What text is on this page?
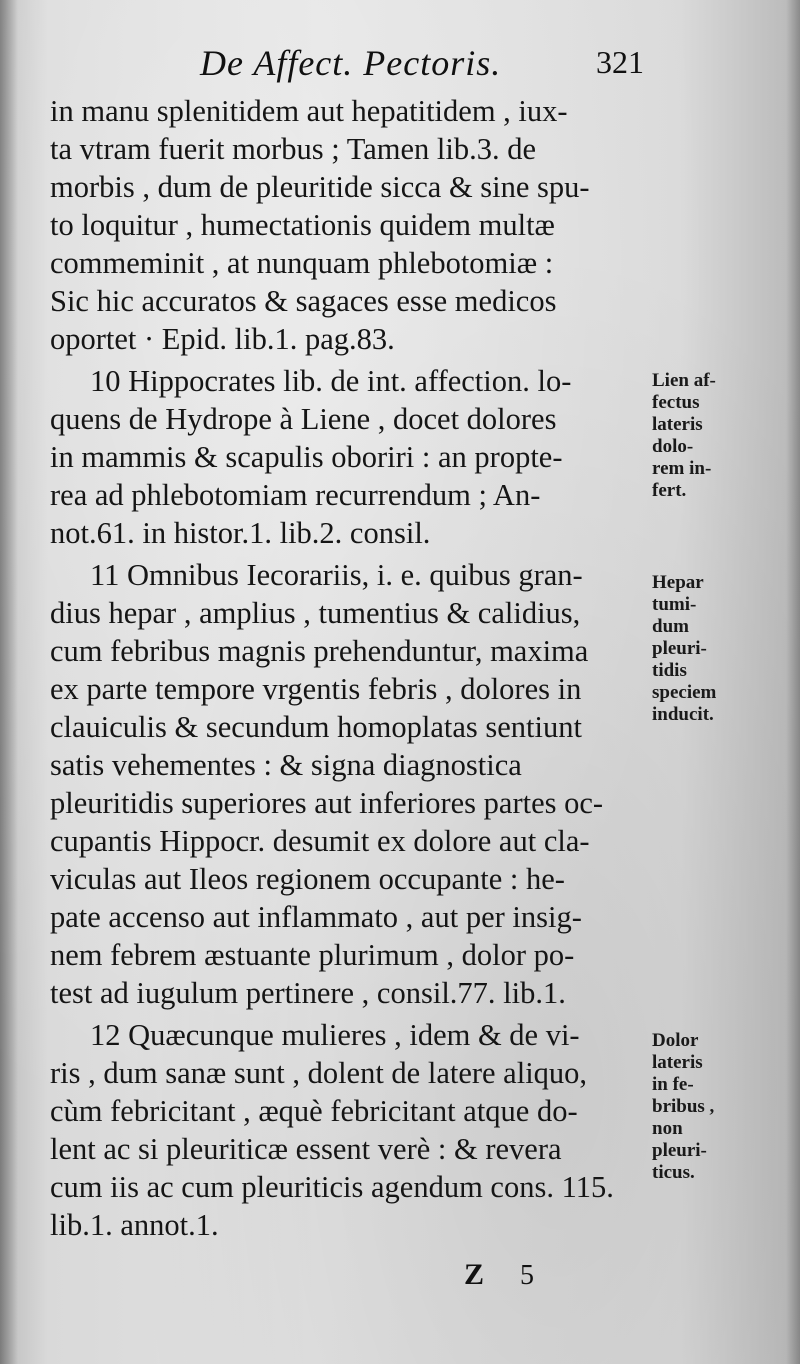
De Affect. Pectoris.	321
in manu splenitidem aut hepatitidem , iux-
ta vtram fuerit morbus ; Tamen lib.3. de
morbis , dum de pleuritide sicca & sine spu-
to loquitur , humectationis quidem multæ
commeminit , at nunquam phlebotomiæ :
Sic hic accuratos & sagaces esse medicos
oportet · Epid. lib.1. pag.83.
10 Hippocrates lib. de int. affection. lo-
quens de Hydrope à Liene , docet dolores
in mammis & scapulis oboriri : an propte-
rea ad phlebotomiam recurrendum ; An-
not.61. in histor.1. lib.2. consil.
11 Omnibus Iecorariis, i. e. quibus gran-
dius hepar , amplius , tumentius & calidius,
cum febribus magnis prehenduntur, maxima
ex parte tempore vrgentis febris , dolores in
clauiculis & secundum homoplatas sentiunt
satis vehementes : & signa diagnostica
pleuritidis superiores aut inferiores partes oc-
cupantis Hippocr. desumit ex dolore aut cla-
viculas aut Ileos regionem occupante : he-
pate accenso aut inflammato , aut per insig-
nem febrem æstuante plurimum , dolor po-
test ad iugulum pertinere , consil.77. lib.1.
12 Quæcunque mulieres , idem & de vi-
ris , dum sanæ sunt , dolent de latere aliquo,
cùm febricitant , æquè febricitant atque do-
lent ac si pleuriticæ essent verè : & revera
cum iis ac cum pleuriticis agendum cons. 115.
lib.1. annot.1.
Lien af-
fectus
lateris
dolo-
rem in-
fert.
Hepar
tumi-
dum
pleuri-
tidis
speciem
inducit.
Dolor
lateris
in fe-
bribus ,
non
pleuri-
ticus.
Z 5
